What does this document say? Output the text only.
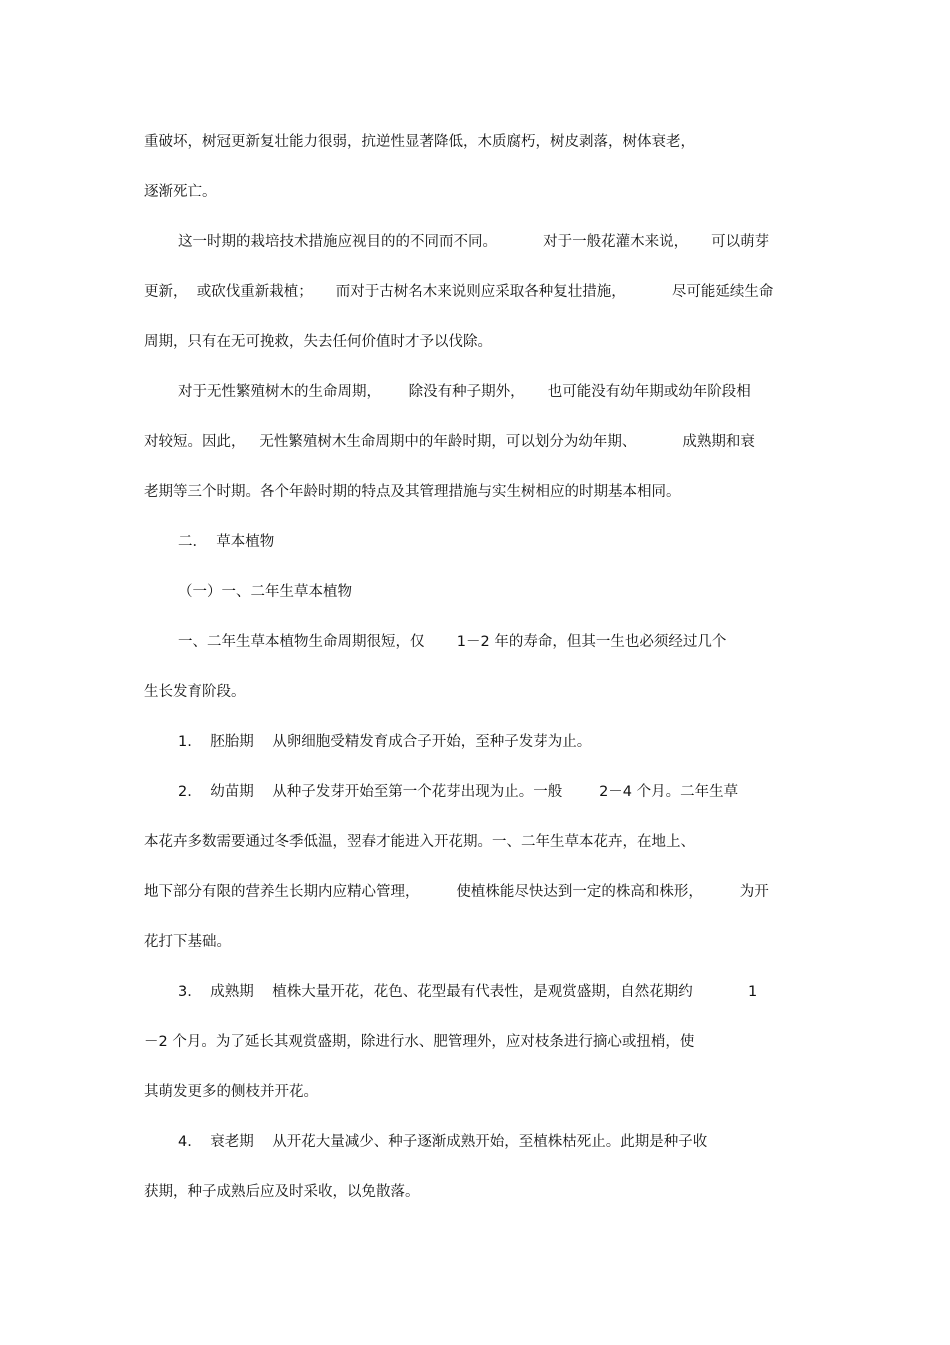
重破坏，树冠更新复壮能力很弱，抗逆性显著降低，木质腐朽，树皮剥落，树体衰老，
逐渐死亡。
这一时期的栽培技术措施应视目的的不同而不同。          对于一般花灌木来说，     可以萌芽
更新，  或砍伐重新栽植；     而对于古树名木来说则应采取各种复壮措施，          尽可能延续生命
周期，只有在无可挽救，失去任何价值时才予以伐除。
对于无性繁殖树木的生命周期，      除没有种子期外，     也可能没有幼年期或幼年阶段相
对较短。因此，   无性繁殖树木生命周期中的年龄时期，可以划分为幼年期、          成熟期和衰
老期等三个时期。各个年龄时期的特点及其管理措施与实生树相应的时期基本相同。
二．  草本植物
（一）一、二年生草本植物
一、二年生草本植物生命周期很短，仅       1－2 年的寿命，但其一生也必须经过几个
生长发育阶段。
1.    胚胎期    从卵细胞受精发育成合子开始，至种子发芽为止。
2.    幼苗期    从种子发芽开始至第一个花芽出现为止。一般        2－4 个月。二年生草
本花卉多数需要通过冬季低温，翌春才能进入开花期。一、二年生草本花卉，在地上、
地下部分有限的营养生长期内应精心管理，        使植株能尽快达到一定的株高和株形，        为开
花打下基础。
3.    成熟期    植株大量开花，花色、花型最有代表性，是观赏盛期，自然花期约            1
－2 个月。为了延长其观赏盛期，除进行水、肥管理外，应对枝条进行摘心或扭梢，使
其萌发更多的侧枝并开花。
4.    衰老期    从开花大量减少、种子逐渐成熟开始，至植株枯死止。此期是种子收
获期，种子成熟后应及时采收，以免散落。
